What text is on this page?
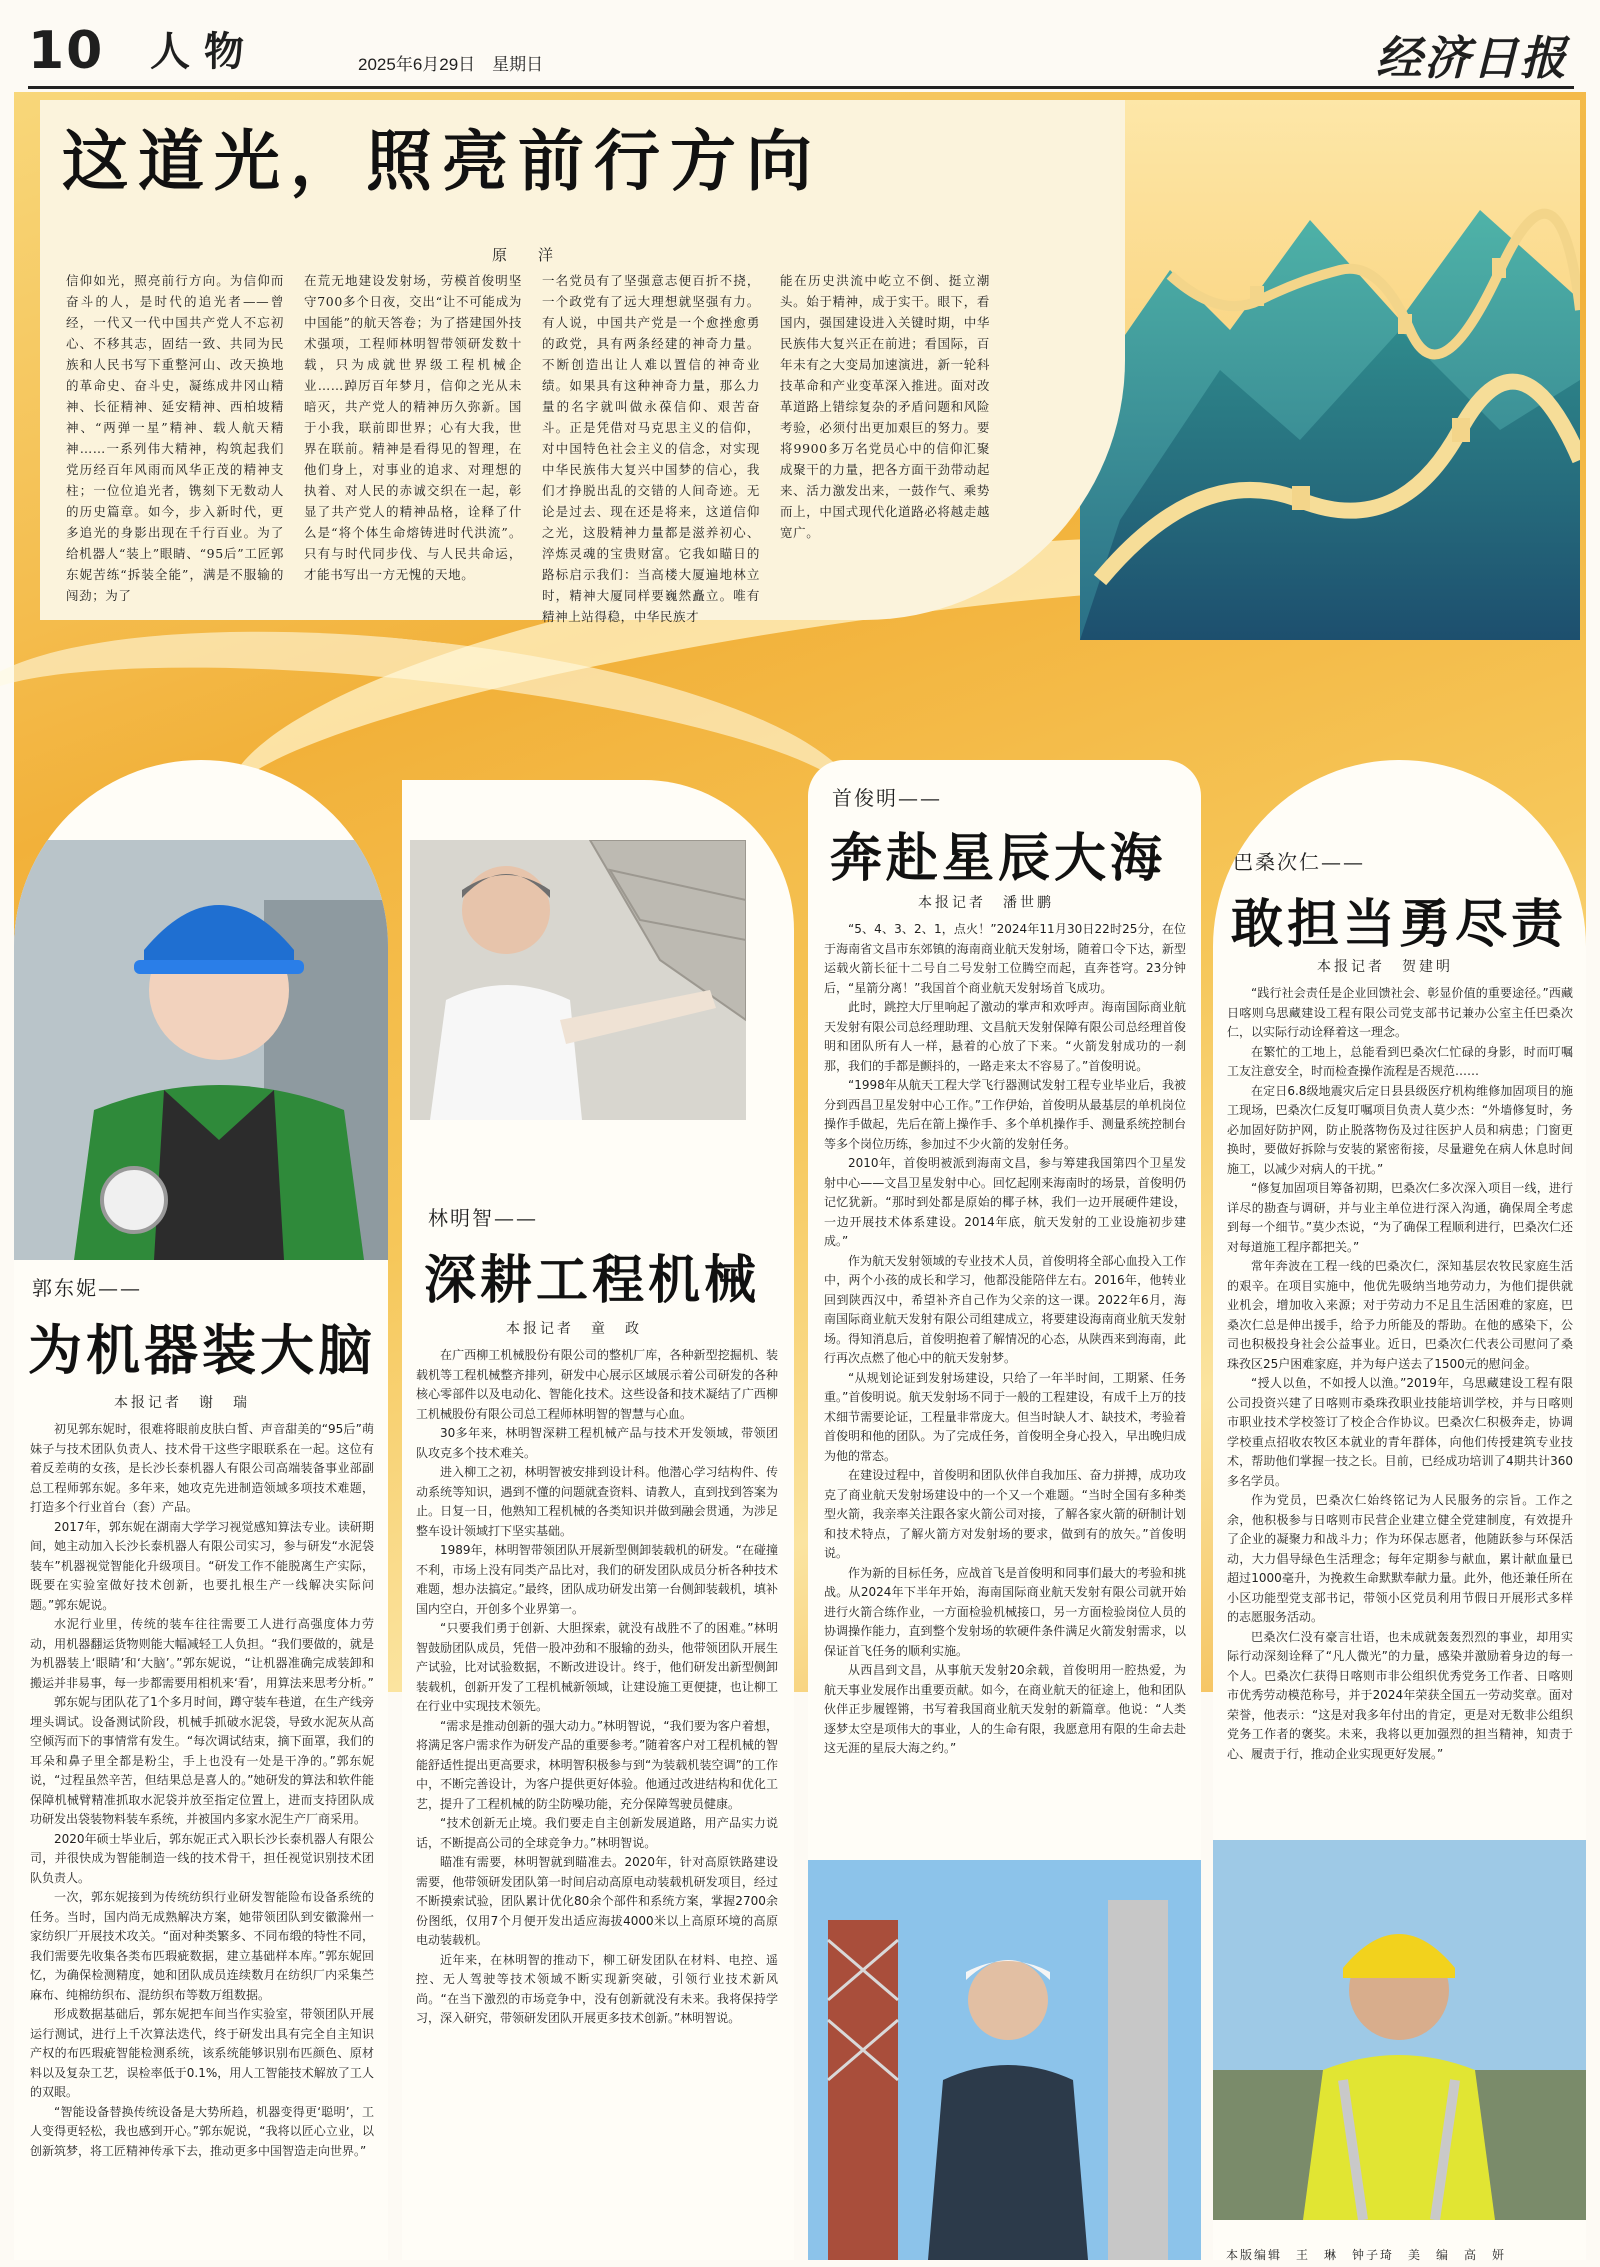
10 人物	2025年6月29日　星期日	经济日报
这道光，照亮前行方向
原　洋
信仰如光，照亮前行方向。为信仰而奋斗的人，是时代的追光者——曾经，一代又一代中国共产党人不忘初心、不移其志，固结一致、共同为民族和人民书写下重整河山、改天换地的革命史、奋斗史，凝练成井冈山精神、长征精神、延安精神、西柏坡精神、“两弹一星”精神、载人航天精神……一系列伟大精神，构筑起我们党历经百年风雨而风华正茂的精神支柱；一位位追光者，镌刻下无数动人的历史篇章。如今，步入新时代，更多追光的身影出现在千行百业。为了给机器人“装上”眼睛、“95后”工匠郭东妮苦练“拆装全能”，满是不服输的闯劲；为了
在荒无地建设发射场，劳模首俊明坚守700多个日夜，交出“让不可能成为中国能”的航天答卷；为了搭建国外技术强项，工程师林明智带领研发数十载，只为成就世界级工程机械企业……踔厉百年梦月，信仰之光从未暗灭，共产党人的精神历久弥新。国于小我，联前即世界；心有大我，世界在联前。精神是看得见的智理，在他们身上，对事业的追求、对理想的执着、对人民的赤诚交织在一起，彰显了共产党人的精神品格，诠释了什么是“将个体生命熔铸进时代洪流”。只有与时代同步伐、与人民共命运，才能书写出一方无愧的天地。
一名党员有了坚强意志便百折不挠，一个政党有了远大理想就坚强有力。有人说，中国共产党是一个愈挫愈勇的政党，具有两条经建的神奇力量。不断创造出让人难以置信的神奇业绩。如果具有这种神奇力量，那么力量的名字就叫做永葆信仰、艰苦奋斗。正是凭借对马克思主义的信仰，对中国特色社会主义的信念，对实现中华民族伟大复兴中国梦的信心，我们才挣脱出乱的交错的人间奇迹。无论是过去、现在还是将来，这道信仰之光，这股精神力量都是滋养初心、淬炼灵魂的宝贵财富。它我如瞄日的路标启示我们：当高楼大厦遍地林立时，精神大厦同样要巍然矗立。唯有精神上站得稳，中华民族才
能在历史洪流中屹立不倒、挺立潮头。始于精神，成于实干。眼下，看国内，强国建设进入关键时期，中华民族伟大复兴正在前进；看国际，百年未有之大变局加速演进，新一轮科技革命和产业变革深入推进。面对改革道路上错综复杂的矛盾问题和风险考验，必须付出更加艰巨的努力。要将9900多万名党员心中的信仰汇聚成聚干的力量，把各方面干劲带动起来、活力激发出来，一鼓作气、乘势而上，中国式现代化道路必将越走越宽广。
郭东妮——
为机器装大脑
本报记者　谢　瑞

初见郭东妮时，很难将眼前皮肤白皙、声音甜美的“95后”萌妹子与技术团队负责人、技术骨干这些字眼联系在一起。这位有着反差萌的女孩，是长沙长泰机器人有限公司高端装备事业部副总工程师郭东妮。多年来，她攻克先进制造领域多项技术难题，打造多个行业首台（套）产品。

2017年，郭东妮在湖南大学学习视觉感知算法专业。读研期间，她主动加入长沙长泰机器人有限公司实习，参与研发“水泥袋装车”机器视觉智能化升级项目。“研发工作不能脱离生产实际，既要在实验室做好技术创新，也要扎根生产一线解决实际问题。”郭东妮说。

水泥行业里，传统的装车往往需要工人进行高强度体力劳动，用机器翻运货物则能大幅减轻工人负担。“我们要做的，就是为机器装上‘眼睛’和‘大脑’。”郭东妮说，“让机器准确完成装卸和搬运并非易事，每一步都需要用相机来‘看’，用算法来思考分析。”

郭东妮与团队花了1个多月时间，蹲守装车巷道，在生产线旁埋头调试。设备测试阶段，机械手抓破水泥袋，导致水泥灰从高空倾泻而下的事情常有发生。“每次调试结束，摘下面罩，我们的耳朵和鼻子里全都是粉尘，手上也没有一处是干净的。”郭东妮说，“过程虽然辛苦，但结果总是喜人的。”她研发的算法和软件能保障机械臂精准抓取水泥袋并放至指定位置上，进而支持团队成功研发出袋装物料装车系统，并被国内多家水泥生产厂商采用。

2020年硕士毕业后，郭东妮正式入职长沙长泰机器人有限公司，并很快成为智能制造一线的技术骨干，担任视觉识别技术团队负责人。

一次，郭东妮接到为传统纺织行业研发智能险布设备系统的任务。当时，国内尚无成熟解决方案，她带领团队到安徽滁州一家纺织厂开展技术攻关。“面对种类繁多、不同布缎的特性不同，我们需要先收集各类布匹瑕疵数据，建立基础样本库。”郭东妮回忆，为确保检测精度，她和团队成员连续数月在纺织厂内采集苎麻布、纯棉纺织布、混纺织布等数万组数据。

形成数据基础后，郭东妮把车间当作实验室，带领团队开展运行测试，进行上千次算法迭代，终于研发出具有完全自主知识产权的布匹瑕疵智能检测系统，该系统能够识别布匹颜色、原材料以及复杂工艺，误检率低于0.1%，用人工智能技术解放了工人的双眼。

“智能设备替换传统设备是大势所趋，机器变得更‘聪明’，工人变得更轻松，我也感到开心。”郭东妮说，“我将以匠心立业，以创新筑梦，将工匠精神传承下去，推动更多中国智造走向世界。”

林明智——
深耕工程机械
本报记者　童　政

在广西柳工机械股份有限公司的整机厂库，各种新型挖掘机、装载机等工程机械整齐排列，研发中心展示区域展示着公司研发的各种核心零部件以及电动化、智能化技术。这些设备和技术凝结了广西柳工机械股份有限公司总工程师林明智的智慧与心血。

30多年来，林明智深耕工程机械产品与技术开发领域，带领团队攻克多个技术难关。

进入柳工之初，林明智被安排到设计科。他潜心学习结构件、传动系统等知识，遇到不懂的问题就查资料、请教人，直到找到答案为止。日复一日，他熟知工程机械的各类知识并做到融会贯通，为涉足整车设计领域打下坚实基础。

1989年，林明智带领团队开展新型侧卸装载机的研发。“在碰撞不利，市场上没有同类产品比对，我们的研发团队成员分析各种技术难题，想办法搞定。”最终，团队成功研发出第一台侧卸装载机，填补国内空白，开创多个业界第一。

“只要我们勇于创新、大胆探索，就没有战胜不了的困难。”林明智鼓励团队成员，凭借一股冲劲和不服输的劲头，他带领团队开展生产试验，比对试验数据，不断改进设计。终于，他们研发出新型侧卸装载机，创新开发了工程机械新领域，让建设施工更便捷，也让柳工在行业中实现技术领先。

“需求是推动创新的强大动力。”林明智说，“我们要为客户着想，将满足客户需求作为研发产品的重要参考。”随着客户对工程机械的智能舒适性提出更高要求，林明智积极参与到“为装载机装空调”的工作中，不断完善设计，为客户提供更好体验。他通过改进结构和优化工艺，提升了工程机械的防尘防噪功能，充分保障驾驶员健康。

“技术创新无止境。我们要走自主创新发展道路，用产品实力说话，不断提高公司的全球竞争力。”林明智说。

瞄准有需要，林明智就到瞄准去。2020年，针对高原铁路建设需要，他带领研发团队第一时间启动高原电动装载机研发项目，经过不断摸索试验，团队累计优化80余个部件和系统方案，掌握2700余份图纸，仅用7个月便开发出适应海拔4000米以上高原环境的高原电动装载机。

近年来，在林明智的推动下，柳工研发团队在材料、电控、遥控、无人驾驶等技术领域不断实现新突破，引领行业技术新风尚。“在当下激烈的市场竞争中，没有创新就没有未来。我将保持学习，深入研究，带领研发团队开展更多技术创新。”林明智说。

首俊明——
奔赴星辰大海
本报记者　潘世鹏

“5、4、3、2、1，点火！”2024年11月30日22时25分，在位于海南省文昌市东郊镇的海南商业航天发射场，随着口令下达，新型运载火箭长征十二号自二号发射工位腾空而起，直奔苍穹。23分钟后，“星箭分离！”我国首个商业航天发射场首飞成功。

此时，跳控大厅里响起了激动的掌声和欢呼声。海南国际商业航天发射有限公司总经理助理、文昌航天发射保障有限公司总经理首俊明和团队所有人一样，悬着的心放了下来。“火箭发射成功的一刹那，我们的手都是颤抖的，一路走来太不容易了。”首俊明说。

“1998年从航天工程大学飞行器测试发射工程专业毕业后，我被分到西昌卫星发射中心工作。”工作伊始，首俊明从最基层的单机岗位操作手做起，先后在箭上操作手、多个单机操作手、测量系统控制台等多个岗位历练，参加过不少火箭的发射任务。

2010年，首俊明被派到海南文昌，参与筹建我国第四个卫星发射中心——文昌卫星发射中心。回忆起刚来海南时的场景，首俊明仍记忆犹新。“那时到处都是原始的椰子林，我们一边开展硬件建设，一边开展技术体系建设。2014年底，航天发射的工业设施初步建成。”

作为航天发射领域的专业技术人员，首俊明将全部心血投入工作中，两个小孩的成长和学习，他都没能陪伴左右。2016年，他转业回到陕西汉中，希望补齐自己作为父亲的这一课。2022年6月，海南国际商业航天发射有限公司组建成立，将要建设海南商业航天发射场。得知消息后，首俊明抱着了解情况的心态，从陕西来到海南，此行再次点燃了他心中的航天发射梦。

“从规划论证到发射场建设，只给了一年半时间，工期紧、任务重。”首俊明说。航天发射场不同于一般的工程建设，有成千上万的技术细节需要论证，工程量非常庞大。但当时缺人才、缺技术，考验着首俊明和他的团队。为了完成任务，首俊明全身心投入，早出晚归成为他的常态。

在建设过程中，首俊明和团队伙伴自我加压、奋力拼搏，成功攻克了商业航天发射场建设中的一个又一个难题。“当时全国有多种类型火箭，我亲率关注跟各家火箭公司对接，了解各家火箭的研制计划和技术特点，了解火箭方对发射场的要求，做到有的放矢。”首俊明说。

作为新的目标任务，应战首飞是首俊明和同事们最大的考验和挑战。从2024年下半年开始，海南国际商业航天发射有限公司就开始进行火箭合练作业，一方面检验机械接口，另一方面检验岗位人员的协调操作能力，直到整个发射场的软硬件条件满足火箭发射需求，以保证首飞任务的顺利实施。

从西昌到文昌，从事航天发射20余载，首俊明用一腔热爱，为航天事业发展作出重要贡献。如今，在商业航天的征途上，他和团队伙伴正步履铿锵，书写着我国商业航天发射的新篇章。他说：“人类逐梦太空是项伟大的事业，人的生命有限，我愿意用有限的生命去赴这无涯的星辰大海之约。”

巴桑次仁——
敢担当勇尽责
本报记者　贺建明

“践行社会责任是企业回馈社会、彰显价值的重要途径。”西藏日喀则乌思藏建设工程有限公司党支部书记兼办公室主任巴桑次仁，以实际行动诠释着这一理念。

在繁忙的工地上，总能看到巴桑次仁忙碌的身影，时而叮嘱工友注意安全，时而检查操作流程是否规范……

在定日6.8级地震灾后定日县县级医疗机构维修加固项目的施工现场，巴桑次仁反复叮嘱项目负责人莫少杰：“外墙修复时，务必加固好防护网，防止脱落物伤及过往医护人员和病患；门窗更换时，要做好拆除与安装的紧密衔接，尽量避免在病人休息时间施工，以减少对病人的干扰。”

“修复加固项目筹备初期，巴桑次仁多次深入项目一线，进行详尽的勘查与调研，并与业主单位进行深入沟通，确保周全考虑到每一个细节。”莫少杰说，“为了确保工程顺利进行，巴桑次仁还对每道施工程序都把关。”

常年奔波在工程一线的巴桑次仁，深知基层农牧民家庭生活的艰辛。在项目实施中，他优先吸纳当地劳动力，为他们提供就业机会，增加收入来源；对于劳动力不足且生活困难的家庭，巴桑次仁总是伸出援手，给予力所能及的帮助。在他的感染下，公司也积极投身社会公益事业。近日，巴桑次仁代表公司慰问了桑珠孜区25户困难家庭，并为每户送去了1500元的慰问金。

“授人以鱼，不如授人以渔。”2019年，乌思藏建设工程有限公司投资兴建了日喀则市桑珠孜职业技能培训学校，并与日喀则市职业技术学校签订了校企合作协议。巴桑次仁积极奔走，协调学校重点招收农牧区本就业的青年群体，向他们传授建筑专业技术，帮助他们掌握一技之长。目前，已经成功培训了4期共计360多名学员。

作为党员，巴桑次仁始终铭记为人民服务的宗旨。工作之余，他积极参与日喀则市民营企业建立健全党建制度，有效提升了企业的凝聚力和战斗力；作为环保志愿者，他随跃参与环保活动，大力倡导绿色生活理念；每年定期参与献血，累计献血量已超过1000毫升，为挽救生命默默奉献力量。此外，他还兼任所在小区功能型党支部书记，带领小区党员利用节假日开展形式多样的志愿服务活动。

巴桑次仁没有豪言壮语，也未成就轰轰烈烈的事业，却用实际行动深刻诠释了“凡人微光”的力量，感染并激励着身边的每一个人。巴桑次仁获得日喀则市非公组织优秀党务工作者、日喀则市优秀劳动模范称号，并于2024年荣获全国五一劳动奖章。面对荣誉，他表示：“这是对我多年付出的肯定，更是对无数非公组织党务工作者的褒奖。未来，我将以更加强烈的担当精神，知责于心、履责于行，推动企业实现更好发展。”

本版编辑　王　琳　钟子琦　美　编　高　妍
